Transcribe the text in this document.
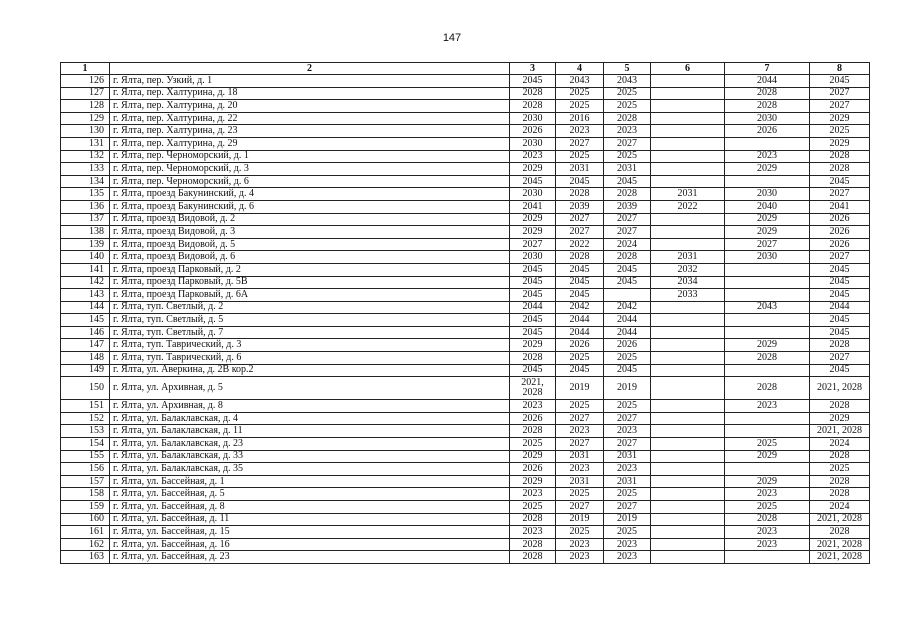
147
1	2	3	4	5	6	7	8
126	г. Ялта, пер. Узкий, д. 1	2045	2043	2043		2044	2045
127	г. Ялта, пер. Халтурина, д. 18	2028	2025	2025		2028	2027
128	г. Ялта, пер. Халтурина, д. 20	2028	2025	2025		2028	2027
129	г. Ялта, пер. Халтурина, д. 22	2030	2016	2028		2030	2029
130	г. Ялта, пер. Халтурина, д. 23	2026	2023	2023		2026	2025
131	г. Ялта, пер. Халтурина, д. 29	2030	2027	2027			2029
132	г. Ялта, пер. Черноморский, д. 1	2023	2025	2025		2023	2028
133	г. Ялта, пер. Черноморский, д. 3	2029	2031	2031		2029	2028
134	г. Ялта, пер. Черноморский, д. 6	2045	2045	2045			2045
135	г. Ялта, проезд Бакунинский, д. 4	2030	2028	2028	2031	2030	2027
136	г. Ялта, проезд Бакунинский, д. 6	2041	2039	2039	2022	2040	2041
137	г. Ялта, проезд Видовой, д. 2	2029	2027	2027		2029	2026
138	г. Ялта, проезд Видовой, д. 3	2029	2027	2027		2029	2026
139	г. Ялта, проезд Видовой, д. 5	2027	2022	2024		2027	2026
140	г. Ялта, проезд Видовой, д. 6	2030	2028	2028	2031	2030	2027
141	г. Ялта, проезд Парковый, д. 2	2045	2045	2045	2032		2045
142	г. Ялта, проезд Парковый, д. 5В	2045	2045	2045	2034		2045
143	г. Ялта, проезд Парковый, д. 6А	2045	2045		2033		2045
144	г. Ялта, туп. Светлый, д. 2	2044	2042	2042		2043	2044
145	г. Ялта, туп. Светлый, д. 5	2045	2044	2044			2045
146	г. Ялта, туп. Светлый, д. 7	2045	2044	2044			2045
147	г. Ялта, туп. Таврический, д. 3	2029	2026	2026		2029	2028
148	г. Ялта, туп. Таврический, д. 6	2028	2025	2025		2028	2027
149	г. Ялта, ул. Аверкина, д. 2В кор.2	2045	2045	2045			2045
150	г. Ялта, ул. Архивная, д. 5	2021, 2028	2019	2019		2028	2021, 2028
151	г. Ялта, ул. Архивная, д. 8	2023	2025	2025		2023	2028
152	г. Ялта, ул. Балаклавская, д. 4	2026	2027	2027			2029
153	г. Ялта, ул. Балаклавская, д. 11	2028	2023	2023			2021, 2028
154	г. Ялта, ул. Балаклавская, д. 23	2025	2027	2027		2025	2024
155	г. Ялта, ул. Балаклавская, д. 33	2029	2031	2031		2029	2028
156	г. Ялта, ул. Балаклавская, д. 35	2026	2023	2023			2025
157	г. Ялта, ул. Бассейная, д. 1	2029	2031	2031		2029	2028
158	г. Ялта, ул. Бассейная, д. 5	2023	2025	2025		2023	2028
159	г. Ялта, ул. Бассейная, д. 8	2025	2027	2027		2025	2024
160	г. Ялта, ул. Бассейная, д. 11	2028	2019	2019		2028	2021, 2028
161	г. Ялта, ул. Бассейная, д. 15	2023	2025	2025		2023	2028
162	г. Ялта, ул. Бассейная, д. 16	2028	2023	2023		2023	2021, 2028
163	г. Ялта, ул. Бассейная, д. 23	2028	2023	2023			2021, 2028
